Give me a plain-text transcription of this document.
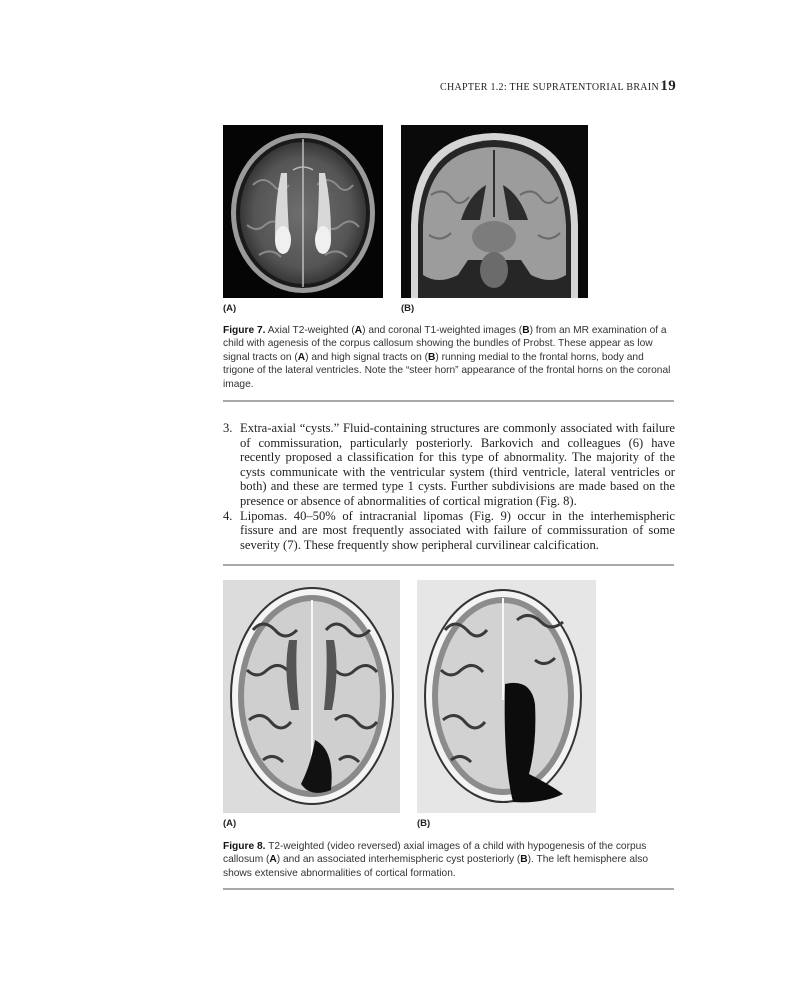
CHAPTER 1.2: THE SUPRATENTORIAL BRAIN 19
(A)	(B)
Figure 7. Axial T2-weighted (A) and coronal T1-weighted images (B) from an MR examination of a child with agenesis of the corpus callosum showing the bundles of Probst. These appear as low signal tracts on (A) and high signal tracts on (B) running medial to the frontal horns, body and trigone of the lateral ventricles. Note the “steer horn” appearance of the frontal horns on the coronal image.
3. Extra-axial “cysts.” Fluid-containing structures are commonly associated with failure of commissuration, particularly posteriorly. Barkovich and colleagues (6) have recently proposed a classification for this type of abnormality. The majority of the cysts communicate with the ventricular system (third ventricle, lateral ventricles or both) and these are termed type 1 cysts. Further subdivisions are made based on the presence or absence of abnormalities of cortical migration (Fig. 8).
4. Lipomas. 40–50% of intracranial lipomas (Fig. 9) occur in the interhemispheric fissure and are most frequently associated with failure of commissuration of some severity (7). These frequently show peripheral curvilinear calcification.
(A)	(B)
Figure 8. T2-weighted (video reversed) axial images of a child with hypogenesis of the corpus callosum (A) and an associated interhemispheric cyst posteriorly (B). The left hemisphere also shows extensive abnormalities of cortical formation.
